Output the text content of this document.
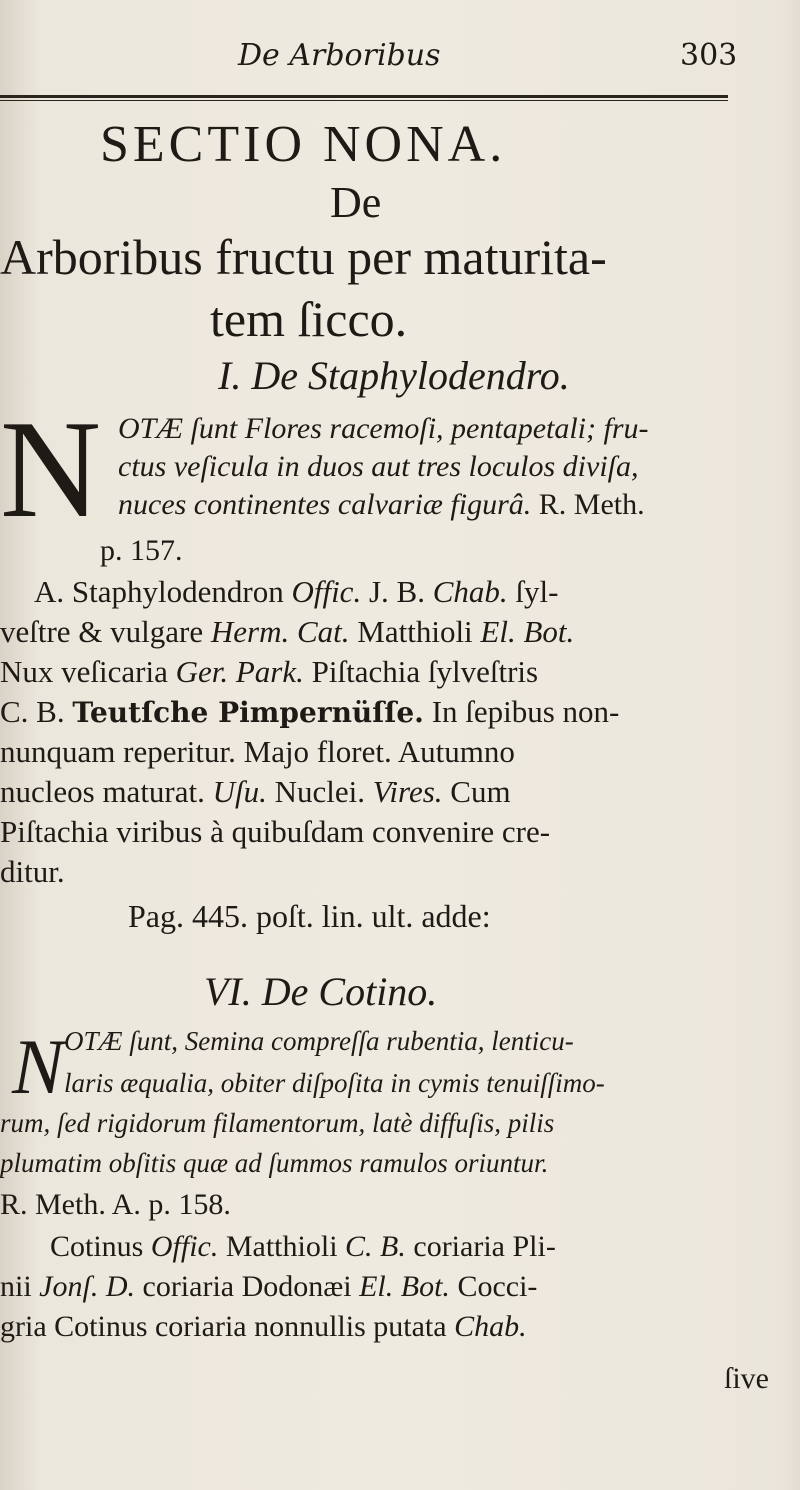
De Arboribus	303
SECTIO NONA.
De
Arboribus fructu per maturita-
tem ſicco.
I. De Staphylodendro.
N OTÆ ſunt Flores racemoſi, pentapetali; fru-
ctus veſicula in duos aut tres loculos diviſa,
nuces continentes calvariæ figurâ. R. Meth.
p. 157.
A. Staphylodendron Offic. J. B. Chab. ſyl-
veſtre & vulgare Herm. Cat. Matthioli El. Bot.
Nux veſicaria Ger. Park. Piſtachia ſylveſtris
C. B. Teutſche Pimpernüſſe. In ſepibus non-
nunquam reperitur. Majo floret. Autumno
nucleos maturat. Uſu. Nuclei. Vires. Cum
Piſtachia viribus à quibuſdam convenire cre-
ditur.
Pag. 445. poſt. lin. ult. adde:
VI. De Cotino.
N OTÆ ſunt, Semina compreſſa rubentia, lenticu-
laris æqualia, obiter diſpoſita in cymis tenuiſſimo-
rum, ſed rigidorum filamentorum, latè diffuſis, pilis
plumatim obſitis quæ ad ſummos ramulos oriuntur.
R. Meth. A. p. 158.
Cotinus Offic. Matthioli C. B. coriaria Pli-
nii Jonſ. D. coriaria Dodonæi El. Bot. Cocci-
gria Cotinus coriaria nonnullis putata Chab.
ſive
